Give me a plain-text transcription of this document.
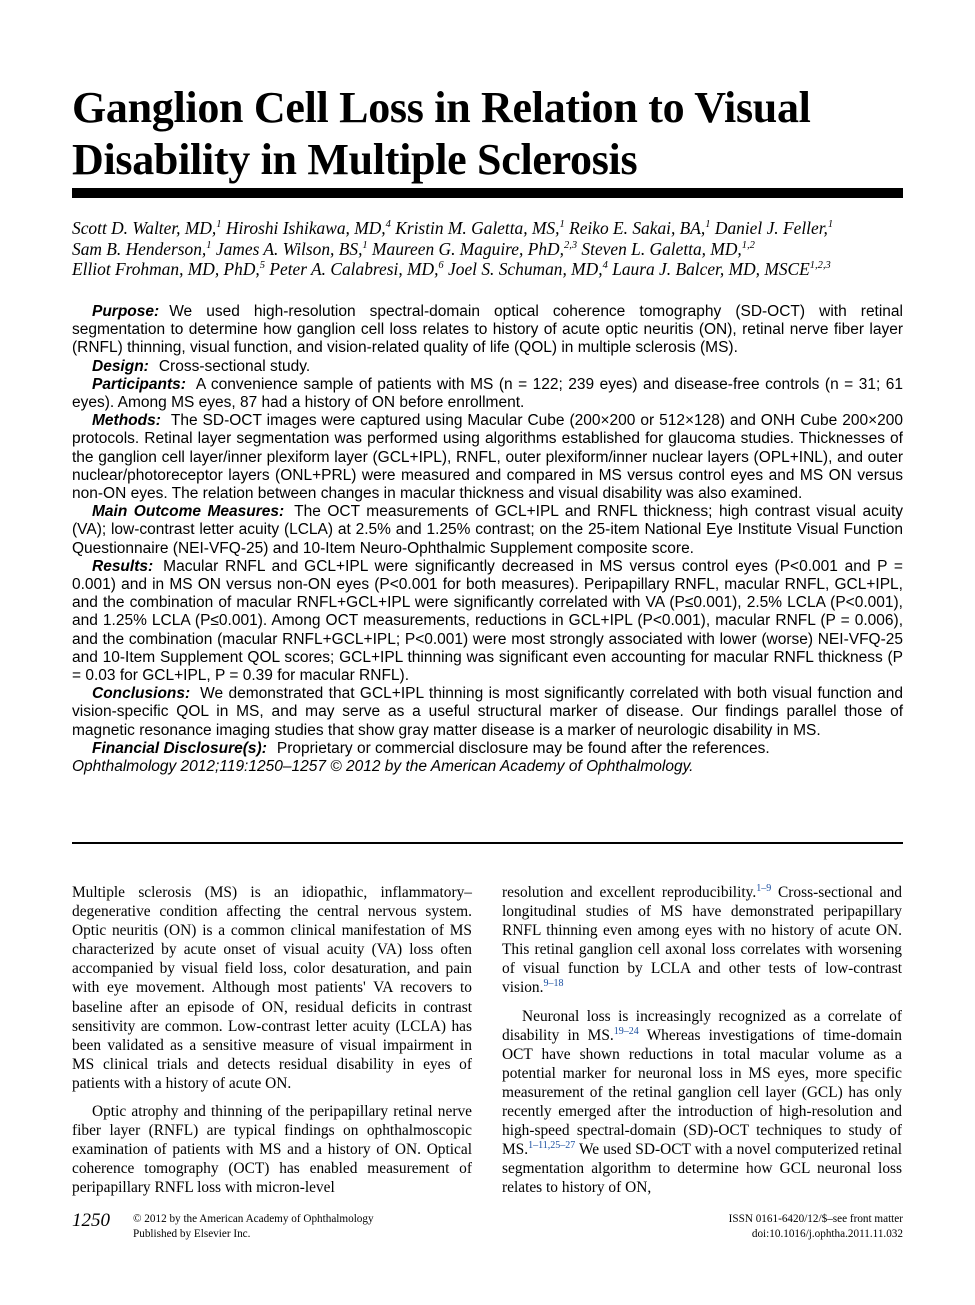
Ganglion Cell Loss in Relation to Visual Disability in Multiple Sclerosis
Scott D. Walter, MD,$^1$ Hiroshi Ishikawa, MD,$^4$ Kristin M. Galetta, MS,$^1$ Reiko E. Sakai, BA,$^1$ Daniel J. Feller,$^1$
Sam B. Henderson,$^1$ James A. Wilson, BS,$^1$ Maureen G. Maguire, PhD,$^{2,3}$ Steven L. Galetta, MD,$^{1,2}$
Elliot Frohman, MD, PhD,$^5$ Peter A. Calabresi, MD,$^6$ Joel S. Schuman, MD,$^4$ Laura J. Balcer, MD, MSCE$^{1,2,3}$

Purpose: We used high-resolution spectral-domain optical coherence tomography (SD-OCT) with retinal segmentation to determine how ganglion cell loss relates to history of acute optic neuritis (ON), retinal nerve fiber layer (RNFL) thinning, visual function, and vision-related quality of life (QOL) in multiple sclerosis (MS).

Design: Cross-sectional study.

Participants: A convenience sample of patients with MS (n = 122; 239 eyes) and disease-free controls (n = 31; 61 eyes). Among MS eyes, 87 had a history of ON before enrollment.

Methods: The SD-OCT images were captured using Macular Cube (200×200 or 512×128) and ONH Cube 200×200 protocols. Retinal layer segmentation was performed using algorithms established for glaucoma studies. Thicknesses of the ganglion cell layer/inner plexiform layer (GCL+IPL), RNFL, outer plexiform/inner nuclear layers (OPL+INL), and outer nuclear/photoreceptor layers (ONL+PRL) were measured and compared in MS versus control eyes and MS ON versus non-ON eyes. The relation between changes in macular thickness and visual disability was also examined.

Main Outcome Measures: The OCT measurements of GCL+IPL and RNFL thickness; high contrast visual acuity (VA); low-contrast letter acuity (LCLA) at 2.5% and 1.25% contrast; on the 25-item National Eye Institute Visual Function Questionnaire (NEI-VFQ-25) and 10-Item Neuro-Ophthalmic Supplement composite score.

Results: Macular RNFL and GCL+IPL were significantly decreased in MS versus control eyes (P<0.001 and P = 0.001) and in MS ON versus non-ON eyes (P<0.001 for both measures). Peripapillary RNFL, macular RNFL, GCL+IPL, and the combination of macular RNFL+GCL+IPL were significantly correlated with VA (P≤0.001), 2.5% LCLA (P<0.001), and 1.25% LCLA (P≤0.001). Among OCT measurements, reductions in GCL+IPL (P<0.001), macular RNFL (P = 0.006), and the combination (macular RNFL+GCL+IPL; P<0.001) were most strongly associated with lower (worse) NEI-VFQ-25 and 10-Item Supplement QOL scores; GCL+IPL thinning was significant even accounting for macular RNFL thickness (P = 0.03 for GCL+IPL, P = 0.39 for macular RNFL).

Conclusions: We demonstrated that GCL+IPL thinning is most significantly correlated with both visual function and vision-specific QOL in MS, and may serve as a useful structural marker of disease. Our findings parallel those of magnetic resonance imaging studies that show gray matter disease is a marker of neurologic disability in MS.

Financial Disclosure(s): Proprietary or commercial disclosure may be found after the references.

Ophthalmology 2012;119:1250–1257 © 2012 by the American Academy of Ophthalmology.

Multiple sclerosis (MS) is an idiopathic, inflammatory–degenerative condition affecting the central nervous system. Optic neuritis (ON) is a common clinical manifestation of MS characterized by acute onset of visual acuity (VA) loss often accompanied by visual field loss, color desaturation, and pain with eye movement. Although most patients' VA recovers to baseline after an episode of ON, residual deficits in contrast sensitivity are common. Low-contrast letter acuity (LCLA) has been validated as a sensitive measure of visual impairment in MS clinical trials and detects residual disability in eyes of patients with a history of acute ON.

Optic atrophy and thinning of the peripapillary retinal nerve fiber layer (RNFL) are typical findings on ophthalmoscopic examination of patients with MS and a history of ON. Optical coherence tomography (OCT) has enabled measurement of peripapillary RNFL loss with micron-level

resolution and excellent reproducibility.$^{1-9}$ Cross-sectional and longitudinal studies of MS have demonstrated peripapillary RNFL thinning even among eyes with no history of acute ON. This retinal ganglion cell axonal loss correlates with worsening of visual function by LCLA and other tests of low-contrast vision.$^{9-18}$

Neuronal loss is increasingly recognized as a correlate of disability in MS.$^{19-24}$ Whereas investigations of time-domain OCT have shown reductions in total macular volume as a potential marker for neuronal loss in MS eyes, more specific measurement of the retinal ganglion cell layer (GCL) has only recently emerged after the introduction of high-resolution and high-speed spectral-domain (SD)-OCT techniques to study of MS.$^{1-11,25-27}$ We used SD-OCT with a novel computerized retinal segmentation algorithm to determine how GCL neuronal loss relates to history of ON,

1250 © 2012 by the American Academy of Ophthalmology
Published by Elsevier Inc.
ISSN 0161-6420/12/$–see front matter
doi:10.1016/j.ophtha.2011.11.032
